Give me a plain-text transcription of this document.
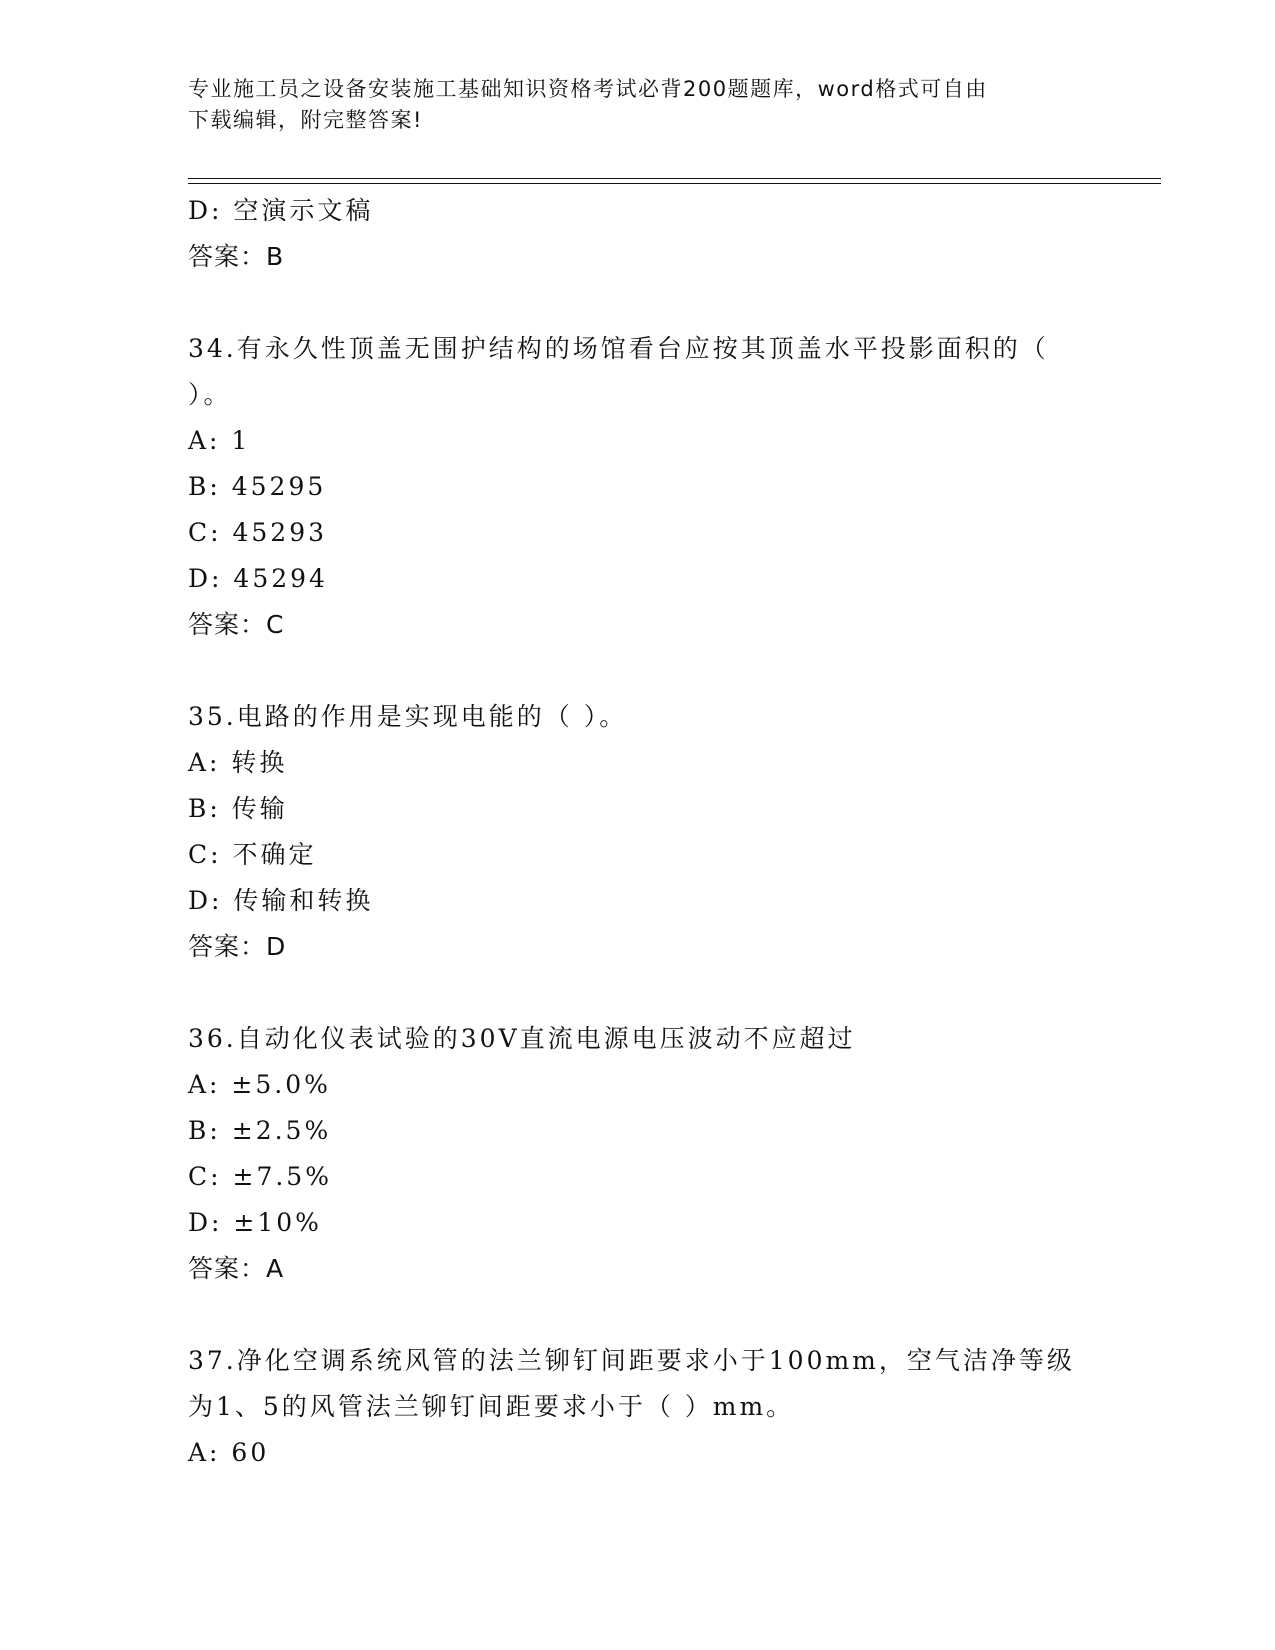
专业施工员之设备安装施工基础知识资格考试必背200题题库，word格式可自由
下载编辑，附完整答案!
D: 空演示文稿
答案：B
34.有永久性顶盖无围护结构的场馆看台应按其顶盖水平投影面积的（
）。
A: 1
B: 45295
C: 45293
D: 45294
答案：C
35.电路的作用是实现电能的（ ）。
A: 转换
B: 传输
C: 不确定
D: 传输和转换
答案：D
36.自动化仪表试验的30V直流电源电压波动不应超过
A: ±5.0%
B: ±2.5%
C: ±7.5%
D: ±10%
答案：A
37.净化空调系统风管的法兰铆钉间距要求小于100mm，空气洁净等级
为1、5的风管法兰铆钉间距要求小于（ ）mm。
A: 60
